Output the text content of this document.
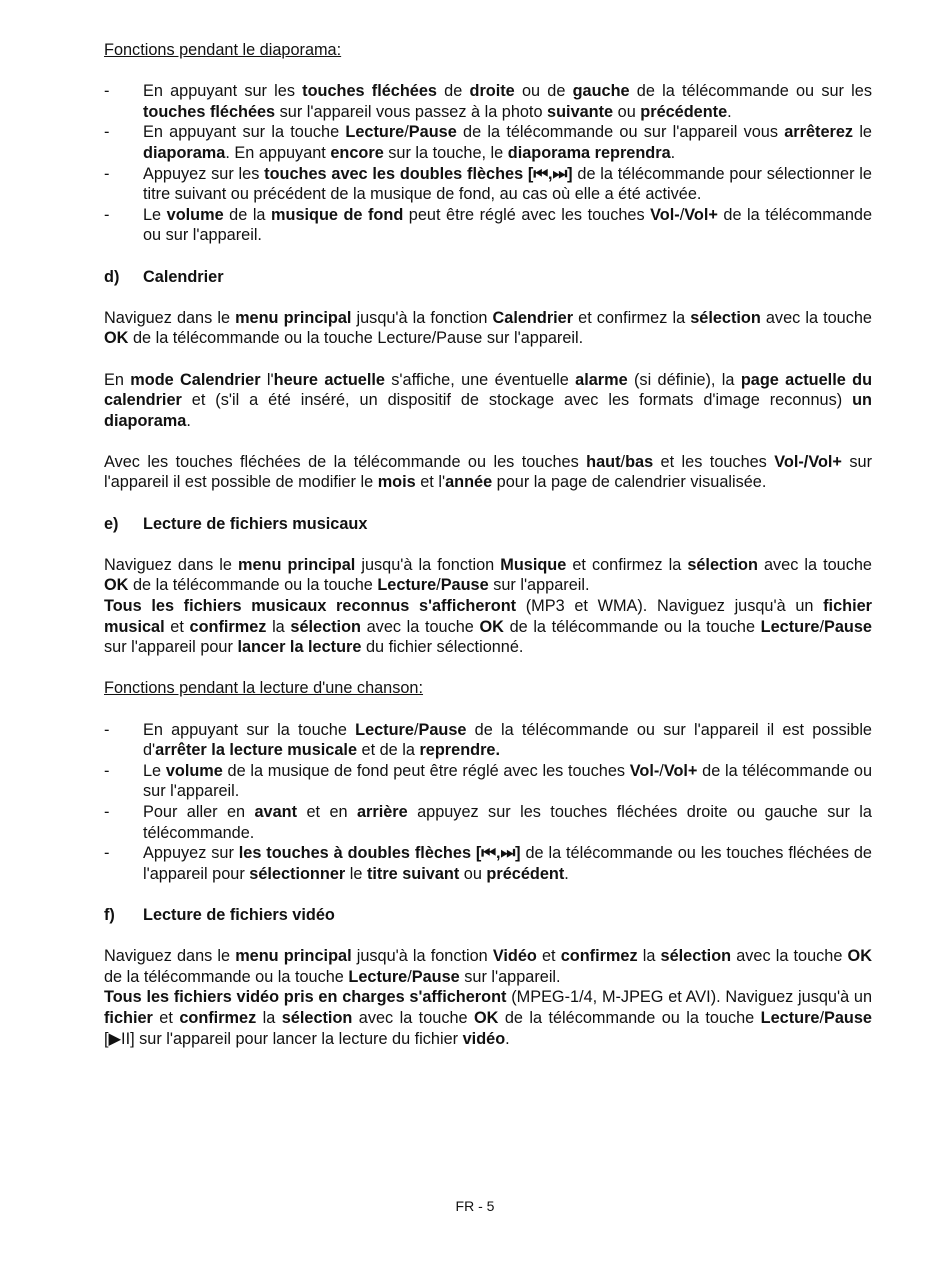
Fonctions pendant le diaporama:

- En appuyant sur les touches fléchées de droite ou de gauche de la télécommande ou sur les touches fléchées sur l'appareil vous passez à la photo suivante ou précédente.
- En appuyant sur la touche Lecture/Pause de la télécommande ou sur l'appareil vous arrêterez le diaporama. En appuyant encore sur la touche, le diaporama reprendra.
- Appuyez sur les touches avec les doubles flèches [⏮,⏭] de la télécommande pour sélectionner le titre suivant ou précédent de la musique de fond, au cas où elle a été activée.
- Le volume de la musique de fond peut être réglé avec les touches Vol-/Vol+ de la télécommande ou sur l'appareil.
d)	Calendrier

Naviguez dans le menu principal jusqu'à la fonction Calendrier et confirmez la sélection avec la touche OK de la télécommande ou la touche Lecture/Pause sur l'appareil.

En mode Calendrier l'heure actuelle s'affiche, une éventuelle alarme (si définie), la page actuelle du calendrier et (s'il a été inséré, un dispositif de stockage avec les formats d'image reconnus) un diaporama.

Avec les touches fléchées de la télécommande ou les touches haut/bas et les touches Vol-/Vol+ sur l'appareil il est possible de modifier le mois et l'année pour la page de calendrier visualisée.

e)	Lecture de fichiers musicaux

Naviguez dans le menu principal jusqu'à la fonction Musique et confirmez la sélection avec la touche OK de la télécommande ou la touche Lecture/Pause sur l'appareil.
Tous les fichiers musicaux reconnus s'afficheront (MP3 et WMA). Naviguez jusqu'à un fichier musical et confirmez la sélection avec la touche OK de la télécommande ou la touche Lecture/Pause sur l'appareil pour lancer la lecture du fichier sélectionné.

Fonctions pendant la lecture d'une chanson:

- En appuyant sur la touche Lecture/Pause de la télécommande ou sur l'appareil il est possible d'arrêter la lecture musicale et de la reprendre.
- Le volume de la musique de fond peut être réglé avec les touches Vol-/Vol+ de la télécommande ou sur l'appareil.
- Pour aller en avant et en arrière appuyez sur les touches fléchées droite ou gauche sur la télécommande.
- Appuyez sur les touches à doubles flèches [⏮,⏭] de la télécommande ou les touches fléchées de l'appareil pour sélectionner le titre suivant ou précédent.
f)	Lecture de fichiers vidéo

Naviguez dans le menu principal jusqu'à la fonction Vidéo et confirmez la sélection avec la touche OK de la télécommande ou la touche Lecture/Pause sur l'appareil.
Tous les fichiers vidéo pris en charges s'afficheront (MPEG-1/4, M-JPEG et AVI). Naviguez jusqu'à un fichier et confirmez la sélection avec la touche OK de la télécommande ou la touche Lecture/Pause [▶II] sur l'appareil pour lancer la lecture du fichier vidéo.

FR - 5
